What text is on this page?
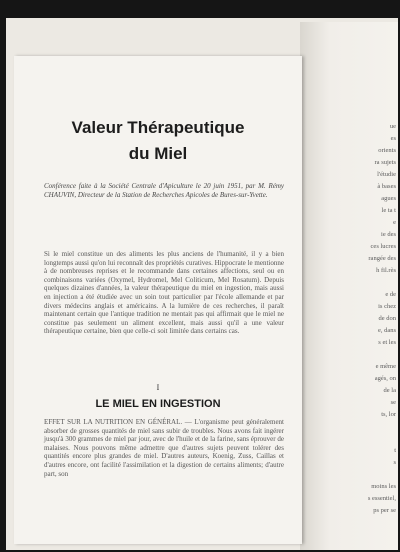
Valeur Thérapeutique
du Miel

Conférence faite à la Société Centrale d'Apiculture le 20 juin 1951, par M. Rémy CHAUVIN, Directeur de la Station de Recherches Apicoles de Bures-sur-Yvette.

Si le miel constitue un des aliments les plus anciens de l'humanité, il y a bien longtemps aussi qu'on lui reconnaît des propriétés curatives. Hippocrate le mentionne à de nombreuses reprises et le recommande dans certaines affections, seul ou en combinaisons variées (Oxymel, Hydromel, Mel Coliticum, Mel Rosatum). Depuis quelques dizaines d'années, la valeur thérapeutique du miel en ingestion, mais aussi en injection a été étudiée avec un soin tout particulier par l'école allemande et par divers médecins anglais et américains. A la lumière de ces recherches, il paraît maintenant certain que l'antique tradition ne mentait pas qui affirmait que le miel ne constitue pas seulement un aliment excellent, mais aussi qu'il a une valeur thérapeutique certaine, bien que celle-ci soit limitée dans certains cas.

I
LE MIEL EN INGESTION

EFFET SUR LA NUTRITION EN GÉNÉRAL. — L'organisme peut généralement absorber de grosses quantités de miel sans subir de troubles. Nous avons fait ingérer jusqu'à 300 grammes de miel par jour, avec de l'huile et de la farine, sans éprouver de malaises. Nous pouvons même admettre que d'autres sujets peuvent tolérer des quantités encore plus grandes de miel. D'autres auteurs, Koenig, Zuss, Caillas et d'autres encore, ont facilité l'assimilation et la digestion de certains aliments; d'autre part, son

ue
es
orients
ra sujets
l'étudie
à bases
agues
le ta t
e
ie des
ces lucres
rangée des
h fil.rès
e de
is chez
de don
e, dans
s et les
e même
agés, on
de la
se
ts, lor
t
s
moins les
s essentiel,
ps per se
